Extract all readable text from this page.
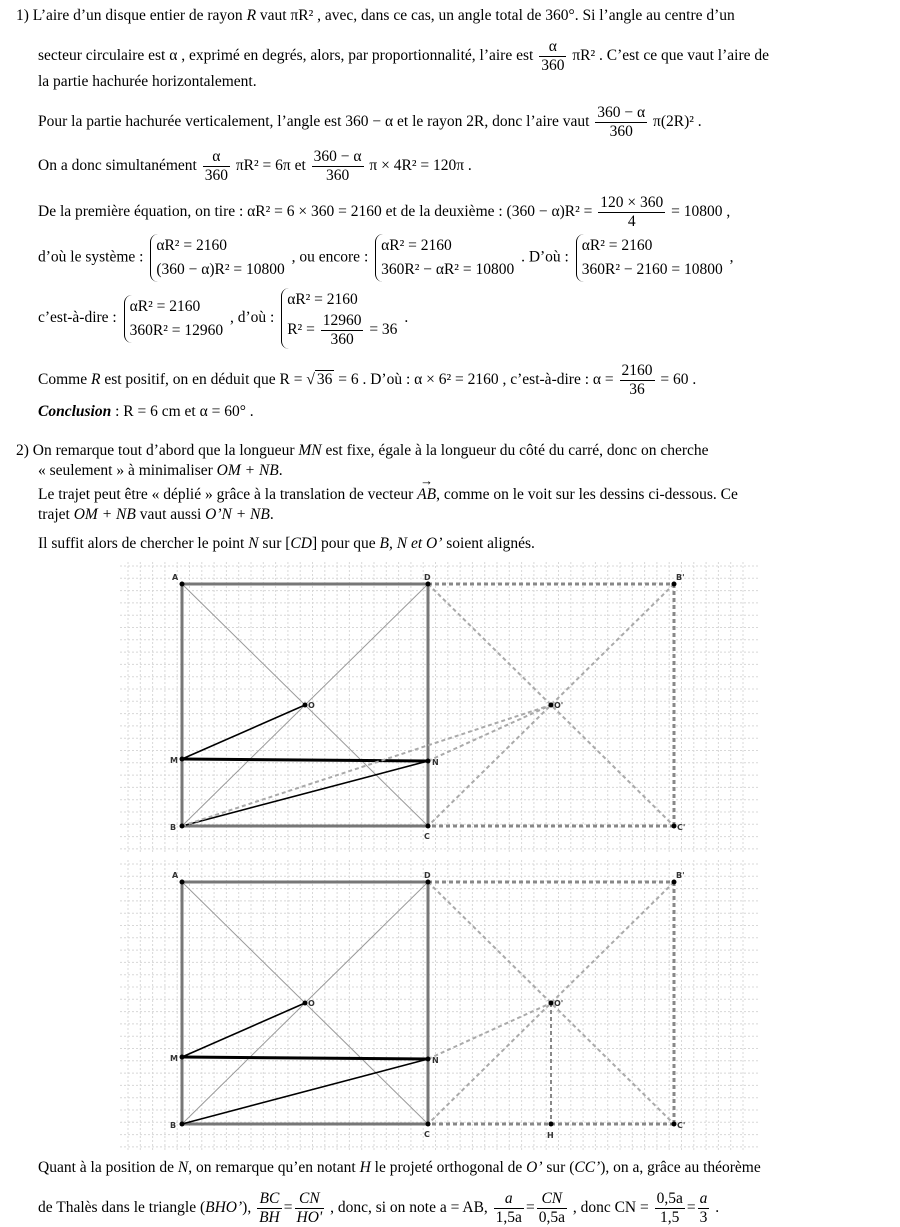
1) L’aire d’un disque entier de rayon R vaut πR² , avec, dans ce cas, un angle total de 360°. Si l’angle au centre d’un
secteur circulaire est α , exprimé en degrés, alors, par proportionnalité, l’aire est $\frac{\alpha}{360} \pi R^2$ . C’est ce que vaut l’aire de
la partie hachurée horizontalement.
Pour la partie hachurée verticalement, l’angle est 360 − α et le rayon 2R, donc l’aire vaut $\frac{360 - \alpha}{360} \pi(2R)^2$ .
On a donc simultanément $\frac{\alpha}{360} \pi R^2 = 6\pi$ et $\frac{360 - \alpha}{360}$ π × 4R² = 120π .
De la première équation, on tire : αR² = 6 × 360 = 2160 et de la deuxième : $(360 - \alpha)R^2 = \frac{120 \times 360}{4} = 10800$ ,
d’où le système :
αR² = 2160
(360 − α)R² = 10800
, ou encore :
αR² = 2160
360R² − αR² = 10800
. D’où :
αR² = 2160
360R² − 2160 = 10800
,
c’est-à-dire :
αR² = 2160
360R² = 12960
, d’où :
αR² = 2160
$R^2 = \frac{12960}{360} = 36$
.
Comme R est positif, on en déduit que R = √ 36 = 6 . D’où : α × 6² = 2160 , c’est-à-dire : $\alpha = \frac{2160}{36} = 60$ .
Conclusion : R = 6 cm et α = 60° .
2) On remarque tout d’abord que la longueur MN est fixe, égale à la longueur du côté du carré, donc on cherche
« seulement » à minimaliser OM + NB.
Le trajet peut être « déplié » grâce à la translation de vecteur → AB, comme on le voit sur les dessins ci-dessous. Ce
trajet OM + NB vaut aussi O’N + NB.
Il suffit alors de chercher le point N sur [CD] pour que B, N et O’ soient alignés.
A	D	B'
M	N
O	O'
B
C
C'
H
A	D	B'
M	N
O	O'
B
C
C'
Quant à la position de N, on remarque qu’en notant H le projeté orthogonal de O’ sur (CC’), on a, grâce au théorème
de Thalès dans le triangle (BHO’), $\frac{BC}{BH} = \frac{CN}{HO'}$ , donc, si on note a = AB, $\frac{a}{1,5a} = \frac{CN}{0,5a}$ , donc CN = $\frac{0,5a}{1,5} = \frac{a}{3}$ .
